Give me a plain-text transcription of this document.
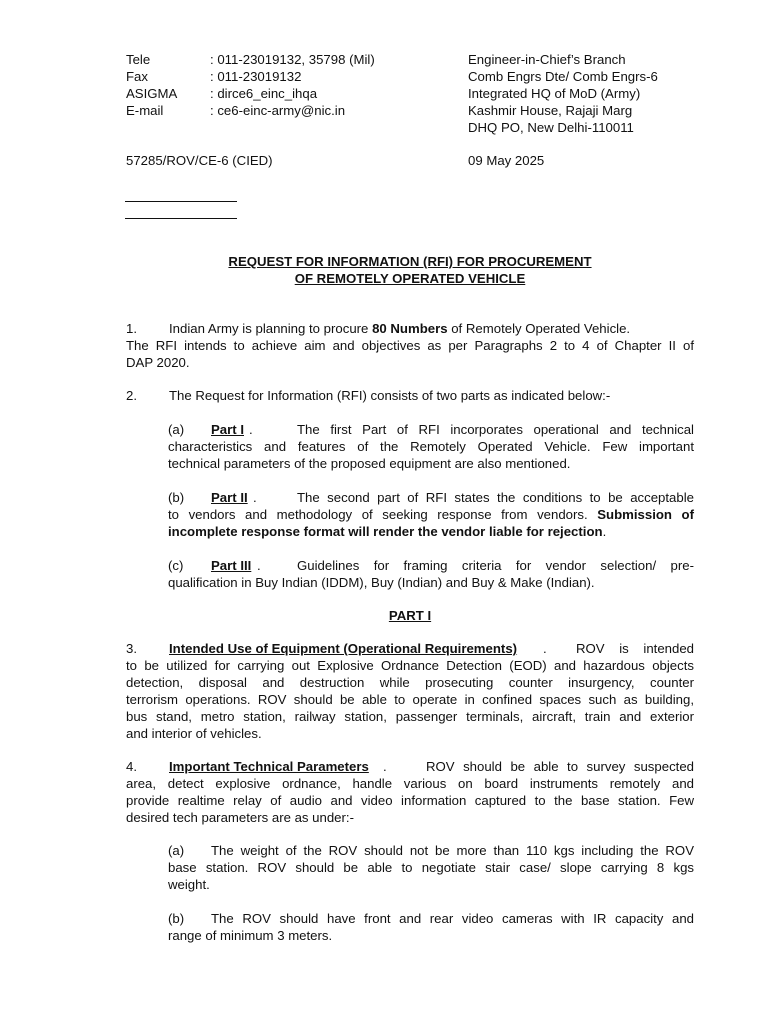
Tele	: 011-23019132, 35798 (Mil)
Fax	: 011-23019132
ASIGMA : dirce6_einc_ihqa
E-mail	: ce6-einc-army@nic.in
Engineer-in-Chief’s Branch
Comb Engrs Dte/ Comb Engrs-6
Integrated HQ of MoD (Army)
Kashmir House, Rajaji Marg
DHQ PO, New Delhi-110011
57285/ROV/CE-6 (CIED)	09 May 2025
REQUEST FOR INFORMATION (RFI) FOR PROCUREMENT
OF REMOTELY OPERATED VEHICLE
1. Indian Army is planning to procure 80 Numbers of Remotely Operated Vehicle.
The RFI intends to achieve aim and objectives as per Paragraphs 2 to 4 of Chapter II of
DAP 2020.
2. The Request for Information (RFI) consists of two parts as indicated below:-
(a) Part I .	The first Part of RFI incorporates operational and technical
characteristics and features of the Remotely Operated Vehicle. Few important
technical parameters of the proposed equipment are also mentioned.
(b) Part II .	The second part of RFI states the conditions to be acceptable
to vendors and methodology of seeking response from vendors. Submission of
incomplete response format will render the vendor liable for rejection.
(c) Part III .	Guidelines for framing criteria for vendor selection/ pre-
qualification in Buy Indian (IDDM), Buy (Indian) and Buy & Make (Indian).
PART I
3. Intended Use of Equipment (Operational Requirements) . ROV is intended
to be utilized for carrying out Explosive Ordnance Detection (EOD) and hazardous objects
detection, disposal and destruction while prosecuting counter insurgency, counter
terrorism operations. ROV should be able to operate in confined spaces such as building,
bus stand, metro station, railway station, passenger terminals, aircraft, train and exterior
and interior of vehicles.
4. Important Technical Parameters .	ROV should be able to survey suspected
area, detect explosive ordnance, handle various on board instruments remotely and
provide realtime relay of audio and video information captured to the base station. Few
desired tech parameters are as under:-
(a) The weight of the ROV should not be more than 110 kgs including the ROV
base station. ROV should be able to negotiate stair case/ slope carrying 8 kgs
weight.
(b) The ROV should have front and rear video cameras with IR capacity and
range of minimum 3 meters.
